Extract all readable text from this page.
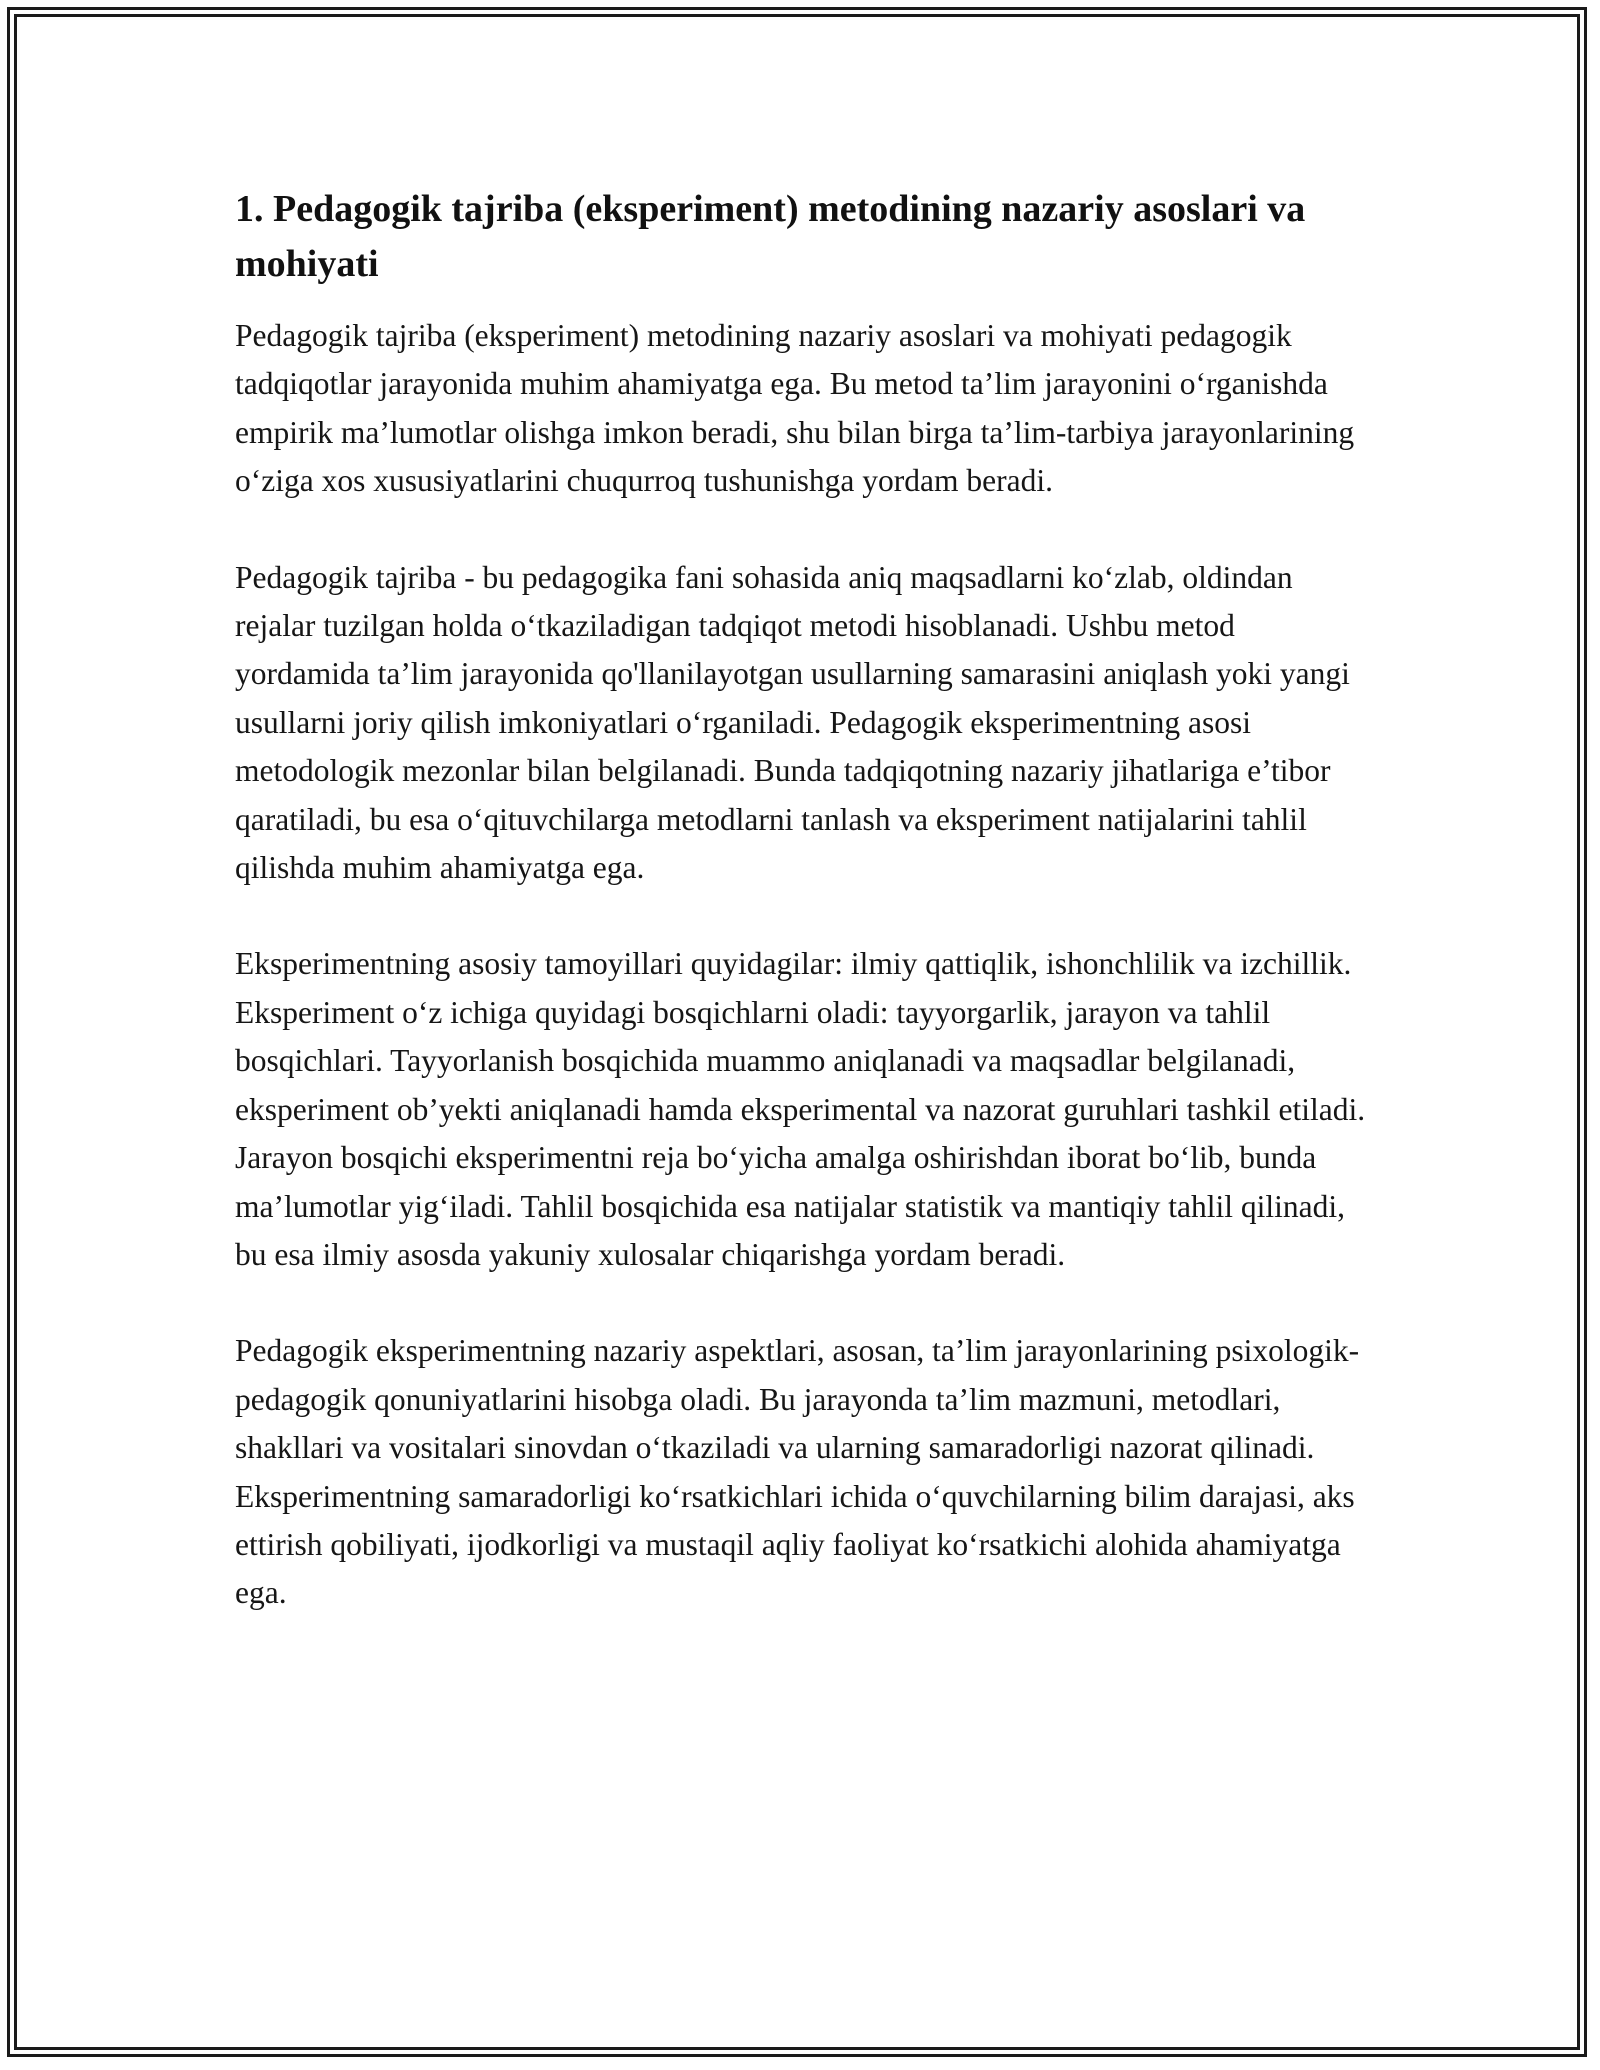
1. Pedagogik tajriba (eksperiment) metodining nazariy asoslari va mohiyati

Pedagogik tajriba (eksperiment) metodining nazariy asoslari va mohiyati pedagogik tadqiqotlar jarayonida muhim ahamiyatga ega. Bu metod ta’lim jarayonini o‘rganishda empirik ma’lumotlar olishga imkon beradi, shu bilan birga ta’lim-tarbiya jarayonlarining o‘ziga xos xususiyatlarini chuqurroq tushunishga yordam beradi.

Pedagogik tajriba - bu pedagogika fani sohasida aniq maqsadlarni ko‘zlab, oldindan rejalar tuzilgan holda o‘tkaziladigan tadqiqot metodi hisoblanadi. Ushbu metod yordamida ta’lim jarayonida qo'llanilayotgan usullarning samarasini aniqlash yoki yangi usullarni joriy qilish imkoniyatlari o‘rganiladi. Pedagogik eksperimentning asosi metodologik mezonlar bilan belgilanadi. Bunda tadqiqotning nazariy jihatlariga e’tibor qaratiladi, bu esa o‘qituvchilarga metodlarni tanlash va eksperiment natijalarini tahlil qilishda muhim ahamiyatga ega.

Eksperimentning asosiy tamoyillari quyidagilar: ilmiy qattiqlik, ishonchlilik va izchillik. Eksperiment o‘z ichiga quyidagi bosqichlarni oladi: tayyorgarlik, jarayon va tahlil bosqichlari. Tayyorlanish bosqichida muammo aniqlanadi va maqsadlar belgilanadi, eksperiment ob’yekti aniqlanadi hamda eksperimental va nazorat guruhlari tashkil etiladi. Jarayon bosqichi eksperimentni reja bo‘yicha amalga oshirishdan iborat bo‘lib, bunda ma’lumotlar yig‘iladi. Tahlil bosqichida esa natijalar statistik va mantiqiy tahlil qilinadi, bu esa ilmiy asosda yakuniy xulosalar chiqarishga yordam beradi.

Pedagogik eksperimentning nazariy aspektlari, asosan, ta’lim jarayonlarining psixologik-pedagogik qonuniyatlarini hisobga oladi. Bu jarayonda ta’lim mazmuni, metodlari, shakllari va vositalari sinovdan o‘tkaziladi va ularning samaradorligi nazorat qilinadi. Eksperimentning samaradorligi ko‘rsatkichlari ichida o‘quvchilarning bilim darajasi, aks ettirish qobiliyati, ijodkorligi va mustaqil aqliy faoliyat ko‘rsatkichi alohida ahamiyatga ega.
